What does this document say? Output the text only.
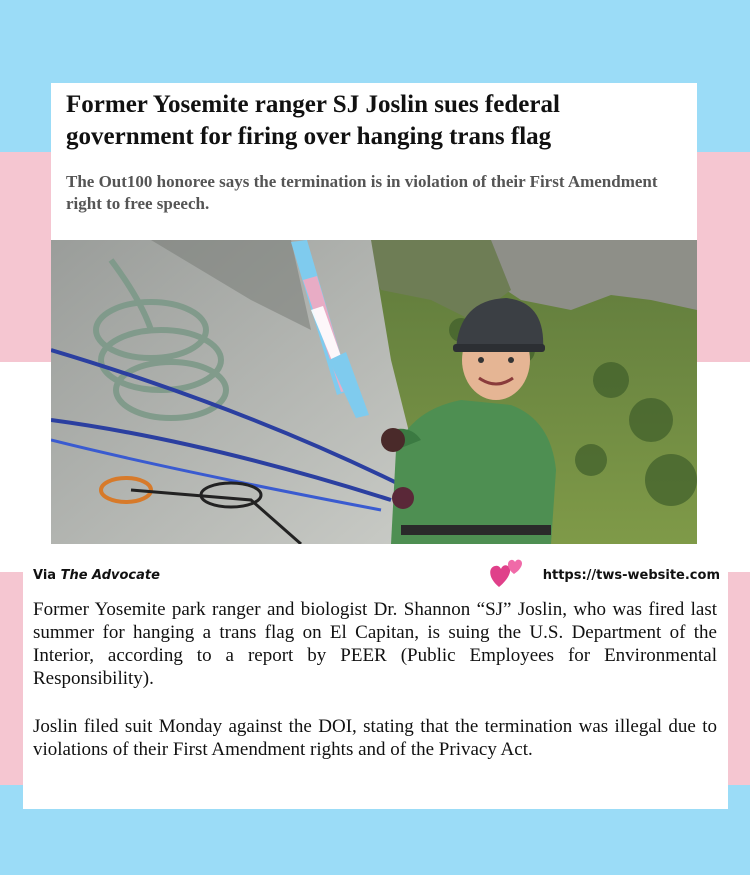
Former Yosemite ranger SJ Joslin sues federal government for firing over hanging trans flag

The Out100 honoree says the termination is in violation of their First Amendment right to free speech.

Via The Advocate	https://tws-website.com

Former Yosemite park ranger and biologist Dr. Shannon “SJ” Joslin, who was fired last summer for hanging a trans flag on El Capitan, is suing the U.S. Department of the Interior, according to a report by PEER (Public Employees for Environmental Responsibility).

Joslin filed suit Monday against the DOI, stating that the termination was illegal due to violations of their First Amendment rights and of the Privacy Act.
